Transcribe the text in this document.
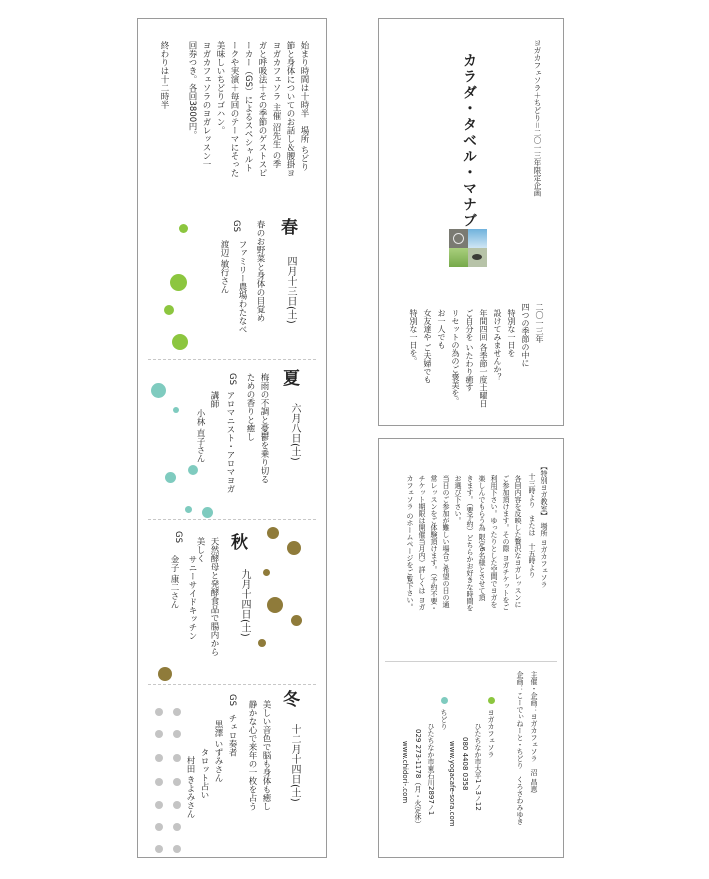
始まり時間は十時半　場所 ちどり
節と身体についてのお話し＆腰掛ヨ
ヨガカフェソラ 主催 沼先生 の季
ガと呼吸法＋その季節のゲストスピ
ーカー（GS）によるスペシャルト
ークや実演＋毎回のテーマにそった
美味しいちどりゴハン。
ヨガカフェソラのヨガレッスン一
回券つき。各回3800円。
終わりは十二時半
春
四月十三日(土)
春のお野菜と身体の目覚め
GS
ファミリー農場わたなべ
渡辺 敏行さん
夏
六月八日(土)
梅雨の不調と憂鬱を乗り切る
ための香りと癒し
GS
アロマニスト・アロマヨガ
講師
小林 直子さん
秋
九月十四日(土)
天然酵母と発酵食品で腸内から
美しく
GS
サニーサイドキッチン
金子 康二さん
冬
十二月十四日(土)
美しい音色で脳も身体も癒し
静かな心で来年の一枚を占う
GS
チェロ奏者
黒澤 いずみさん
タロット占い
村田 きよみさん
ヨガカフェソラ＋ちどり＝二〇一三年限定企画
カラダ・タベル・マナブ
二〇一三年
四つの季節の中に
特別な一日を
設けてみませんか？
年間四回 各季節一度土曜日
ご自分を いたわり癒す
リセットの為のご褒美を。
お一人でも
女友達や ご夫婦でも
特別な一日を。
【特別ヨガ教室】　場所 ヨガカフェソラ
十三時より　または　十五時より
各回内容を反映した贅沢なヨガレッスンに
ご参加頂けます。その際 ヨガチケットをご
利用下さい。ゆったりとした空間でヨガを
楽しんでもらう為 限定6名様とさせて頂
きます。（要予約）どちらかお好きな時間を
お選び下さい。
当日のご参加が難しい場合ご希望の日の通
常レッスンをご体験頂けます。（予約不要・
チケット期限は開催当月内）詳しくは ヨガ
カフェソラ のホームページをご覧下さい。
主催・企画：ヨガカフェソラ　沼 昌恵
企画：こーでぃねーと・ちどり　くろさわみゆき
ヨガカフェソラ
ひたちなか市大平1ノ3ノ12
080 4408 0358
www.yogacafe-sora.com
ちどり
ひたちなか市東石川2897ノ1
029 273-1178（月・火定休）
www.chidori-.com
